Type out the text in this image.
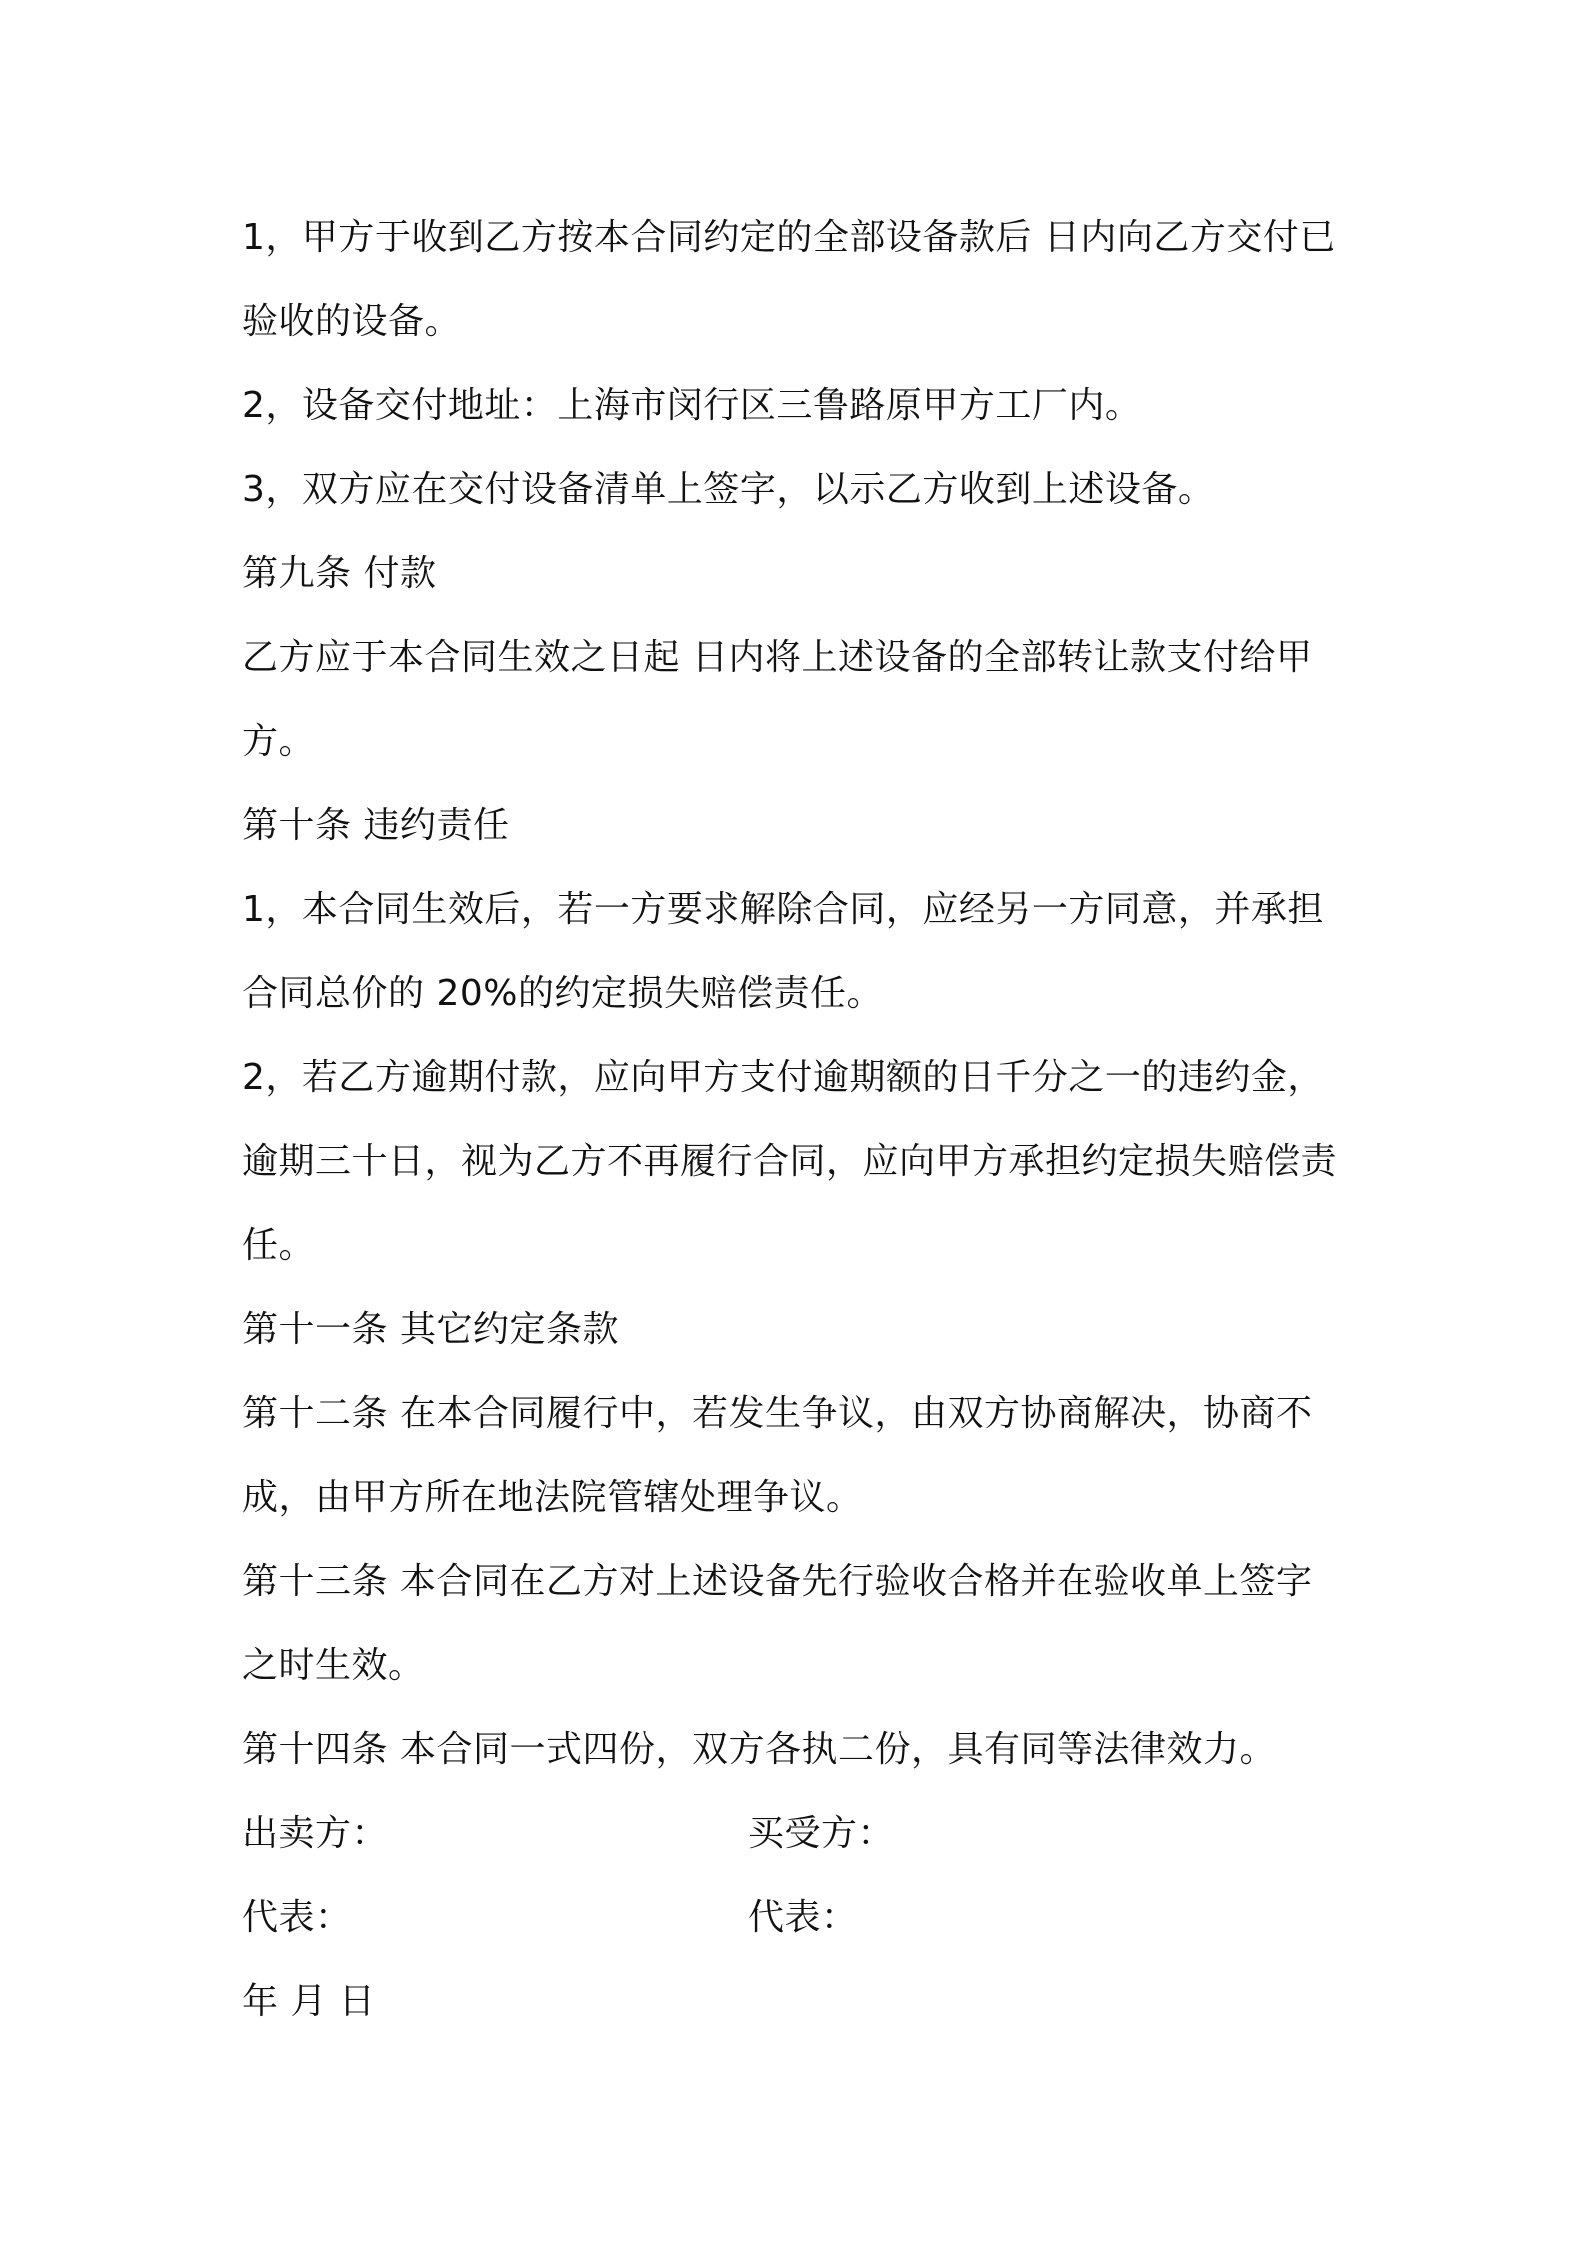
1，甲方于收到乙方按本合同约定的全部设备款后 日内向乙方交付已
验收的设备。
2，设备交付地址：上海市闵行区三鲁路原甲方工厂内。
3，双方应在交付设备清单上签字，以示乙方收到上述设备。
第九条 付款
乙方应于本合同生效之日起 日内将上述设备的全部转让款支付给甲
方。
第十条 违约责任
1，本合同生效后，若一方要求解除合同，应经另一方同意，并承担
合同总价的 20%的约定损失赔偿责任。
2，若乙方逾期付款，应向甲方支付逾期额的日千分之一的违约金，
逾期三十日，视为乙方不再履行合同，应向甲方承担约定损失赔偿责
任。
第十一条 其它约定条款
第十二条 在本合同履行中，若发生争议，由双方协商解决，协商不
成，由甲方所在地法院管辖处理争议。
第十三条 本合同在乙方对上述设备先行验收合格并在验收单上签字
之时生效。
第十四条 本合同一式四份，双方各执二份，具有同等法律效力。
出卖方：	买受方：
代表：	代表：
年 月 日
